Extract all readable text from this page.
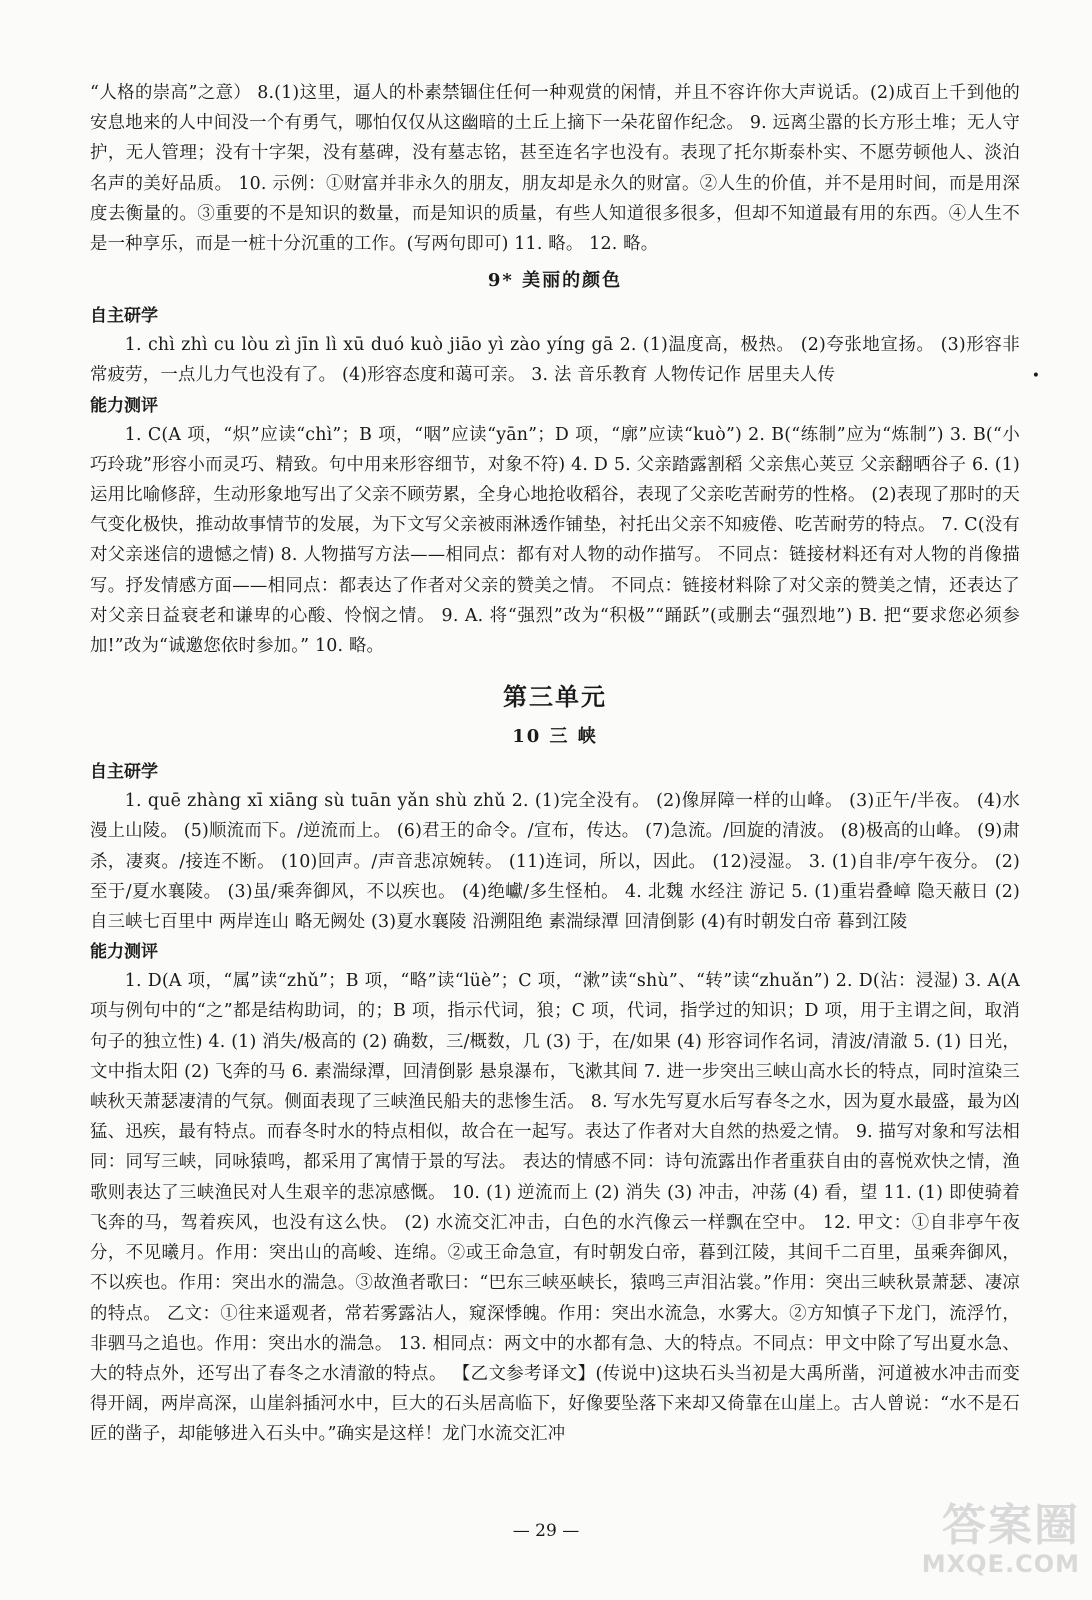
“人格的崇高”之意） 8.(1)这里，逼人的朴素禁锢住任何一种观赏的闲情，并且不容许你大声说话。(2)成百上千到他的安息地来的人中间没一个有勇气，哪怕仅仅从这幽暗的土丘上摘下一朵花留作纪念。 9. 远离尘嚣的长方形土堆；无人守护，无人管理；没有十字架，没有墓碑，没有墓志铭，甚至连名字也没有。表现了托尔斯泰朴实、不愿劳顿他人、淡泊名声的美好品质。 10. 示例：①财富并非永久的朋友，朋友却是永久的财富。②人生的价值，并不是用时间，而是用深度去衡量的。③重要的不是知识的数量，而是知识的质量，有些人知道很多很多，但却不知道最有用的东西。④人生不是一种享乐，而是一桩十分沉重的工作。(写两句即可) 11. 略。 12. 略。

9* 美丽的颜色
自主研学

1. chì zhì cu lòu zì jīn lì xū duó kuò jiāo yì zào yíng gā 2. (1)温度高，极热。 (2)夸张地宣扬。 (3)形容非常疲劳，一点儿力气也没有了。 (4)形容态度和蔼可亲。 3. 法 音乐教育 人物传记作 居里夫人传

能力测评

1. C(A 项，“炽”应读“chì”；B 项，“咽”应读“yān”；D 项，“廓”应读“kuò”) 2. B(“练制”应为“炼制”) 3. B(“小巧玲珑”形容小而灵巧、精致。句中用来形容细节，对象不符) 4. D 5. 父亲踏露割稻 父亲焦心荚豆 父亲翻晒谷子 6. (1)运用比喻修辞，生动形象地写出了父亲不顾劳累，全身心地抢收稻谷，表现了父亲吃苦耐劳的性格。 (2)表现了那时的天气变化极快，推动故事情节的发展，为下文写父亲被雨淋透作铺垫，衬托出父亲不知疲倦、吃苦耐劳的特点。 7. C(没有对父亲迷信的遗憾之情) 8. 人物描写方法——相同点：都有对人物的动作描写。 不同点：链接材料还有对人物的肖像描写。抒发情感方面——相同点：都表达了作者对父亲的赞美之情。 不同点：链接材料除了对父亲的赞美之情，还表达了对父亲日益衰老和谦卑的心酸、怜悯之情。 9. A. 将“强烈”改为“积极”“踊跃”(或删去“强烈地”) B. 把“要求您必须参加!”改为“诚邀您依时参加。” 10. 略。

第三单元
10 三 峡
自主研学

1. quē zhàng xī xiāng sù tuān yǎn shù zhǔ 2. (1)完全没有。 (2)像屏障一样的山峰。 (3)正午/半夜。 (4)水漫上山陵。 (5)顺流而下。/逆流而上。 (6)君王的命令。/宣布，传达。 (7)急流。/回旋的清波。 (8)极高的山峰。 (9)肃杀，凄爽。/接连不断。 (10)回声。/声音悲凉婉转。 (11)连词，所以，因此。 (12)浸湿。 3. (1)自非/亭午夜分。 (2)至于/夏水襄陵。 (3)虽/乘奔御风，不以疾也。 (4)绝巘/多生怪柏。 4. 北魏 水经注 游记 5. (1)重岩叠嶂 隐天蔽日 (2)自三峡七百里中 两岸连山 略无阙处 (3)夏水襄陵 沿溯阻绝 素湍绿潭 回清倒影 (4)有时朝发白帝 暮到江陵

能力测评

1. D(A 项，“属”读“zhǔ”；B 项，“略”读“lüè”；C 项，“漱”读“shù”、“转”读“zhuǎn”) 2. D(沾：浸湿) 3. A(A 项与例句中的“之”都是结构助词，的；B 项，指示代词，狼；C 项，代词，指学过的知识；D 项，用于主谓之间，取消句子的独立性) 4. (1) 消失/极高的 (2) 确数，三/概数，几 (3) 于，在/如果 (4) 形容词作名词，清波/清澈 5. (1) 日光，文中指太阳 (2) 飞奔的马 6. 素湍绿潭，回清倒影 悬泉瀑布，飞漱其间 7. 进一步突出三峡山高水长的特点，同时渲染三峡秋天萧瑟凄清的气氛。侧面表现了三峡渔民船夫的悲惨生活。 8. 写水先写夏水后写春冬之水，因为夏水最盛，最为凶猛、迅疾，最有特点。而春冬时水的特点相似，故合在一起写。表达了作者对大自然的热爱之情。 9. 描写对象和写法相同：同写三峡，同咏猿鸣，都采用了寓情于景的写法。 表达的情感不同：诗句流露出作者重获自由的喜悦欢快之情，渔歌则表达了三峡渔民对人生艰辛的悲凉感慨。 10. (1) 逆流而上 (2) 消失 (3) 冲击，冲荡 (4) 看，望 11. (1) 即使骑着飞奔的马，驾着疾风，也没有这么快。 (2) 水流交汇冲击，白色的水汽像云一样飘在空中。 12. 甲文：①自非亭午夜分，不见曦月。作用：突出山的高峻、连绵。②或王命急宣，有时朝发白帝，暮到江陵，其间千二百里，虽乘奔御风，不以疾也。作用：突出水的湍急。③故渔者歌曰：“巴东三峡巫峡长，猿鸣三声泪沾裳。”作用：突出三峡秋景萧瑟、凄凉的特点。 乙文：①往来遥观者，常若雾露沾人，窥深悸魄。作用：突出水流急，水雾大。②方知慎子下龙门，流浮竹，非驷马之追也。作用：突出水的湍急。 13. 相同点：两文中的水都有急、大的特点。不同点：甲文中除了写出夏水急、大的特点外，还写出了春冬之水清澈的特点。 【乙文参考译文】(传说中)这块石头当初是大禹所凿，河道被水冲击而变得开阔，两岸高深，山崖斜插河水中，巨大的石头居高临下，好像要坠落下来却又倚靠在山崖上。古人曾说：“水不是石匠的凿子，却能够进入石头中。”确实是这样！龙门水流交汇冲

•
— 29 —	答案圈
MXQE.COM
